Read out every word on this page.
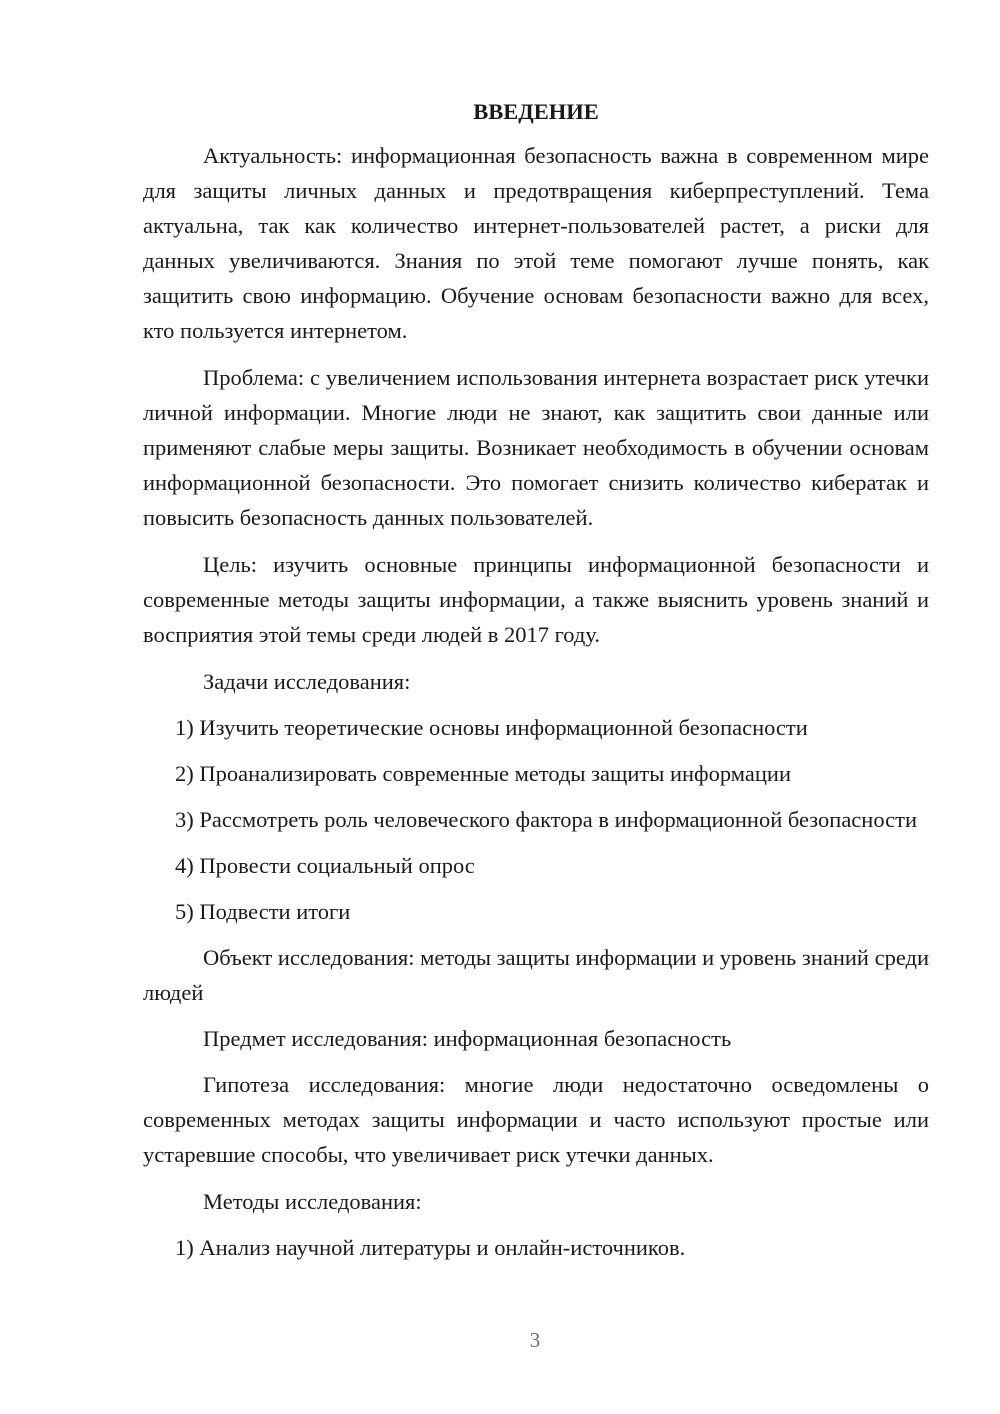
ВВЕДЕНИЕ

Актуальность: информационная безопасность важна в современном мире для защиты личных данных и предотвращения киберпреступлений. Тема актуальна, так как количество интернет-пользователей растет, а риски для данных увеличиваются. Знания по этой теме помогают лучше понять, как защитить свою информацию. Обучение основам безопасности важно для всех, кто пользуется интернетом.

Проблема: с увеличением использования интернета возрастает риск утечки личной информации. Многие люди не знают, как защитить свои данные или применяют слабые меры защиты. Возникает необходимость в обучении основам информационной безопасности. Это помогает снизить количество кибератак и повысить безопасность данных пользователей.

Цель: изучить основные принципы информационной безопасности и современные методы защиты информации, а также выяснить уровень знаний и восприятия этой темы среди людей в 2017 году.

Задачи исследования:

1) Изучить теоретические основы информационной безопасности

2) Проанализировать современные методы защиты информации

3) Рассмотреть роль человеческого фактора в информационной безопасности

4) Провести социальный опрос

5) Подвести итоги

Объект исследования: методы защиты информации и уровень знаний среди людей

Предмет исследования: информационная безопасность

Гипотеза исследования: многие люди недостаточно осведомлены о современных методах защиты информации и часто используют простые или устаревшие способы, что увеличивает риск утечки данных.

Методы исследования:

1) Анализ научной литературы и онлайн-источников.

3
